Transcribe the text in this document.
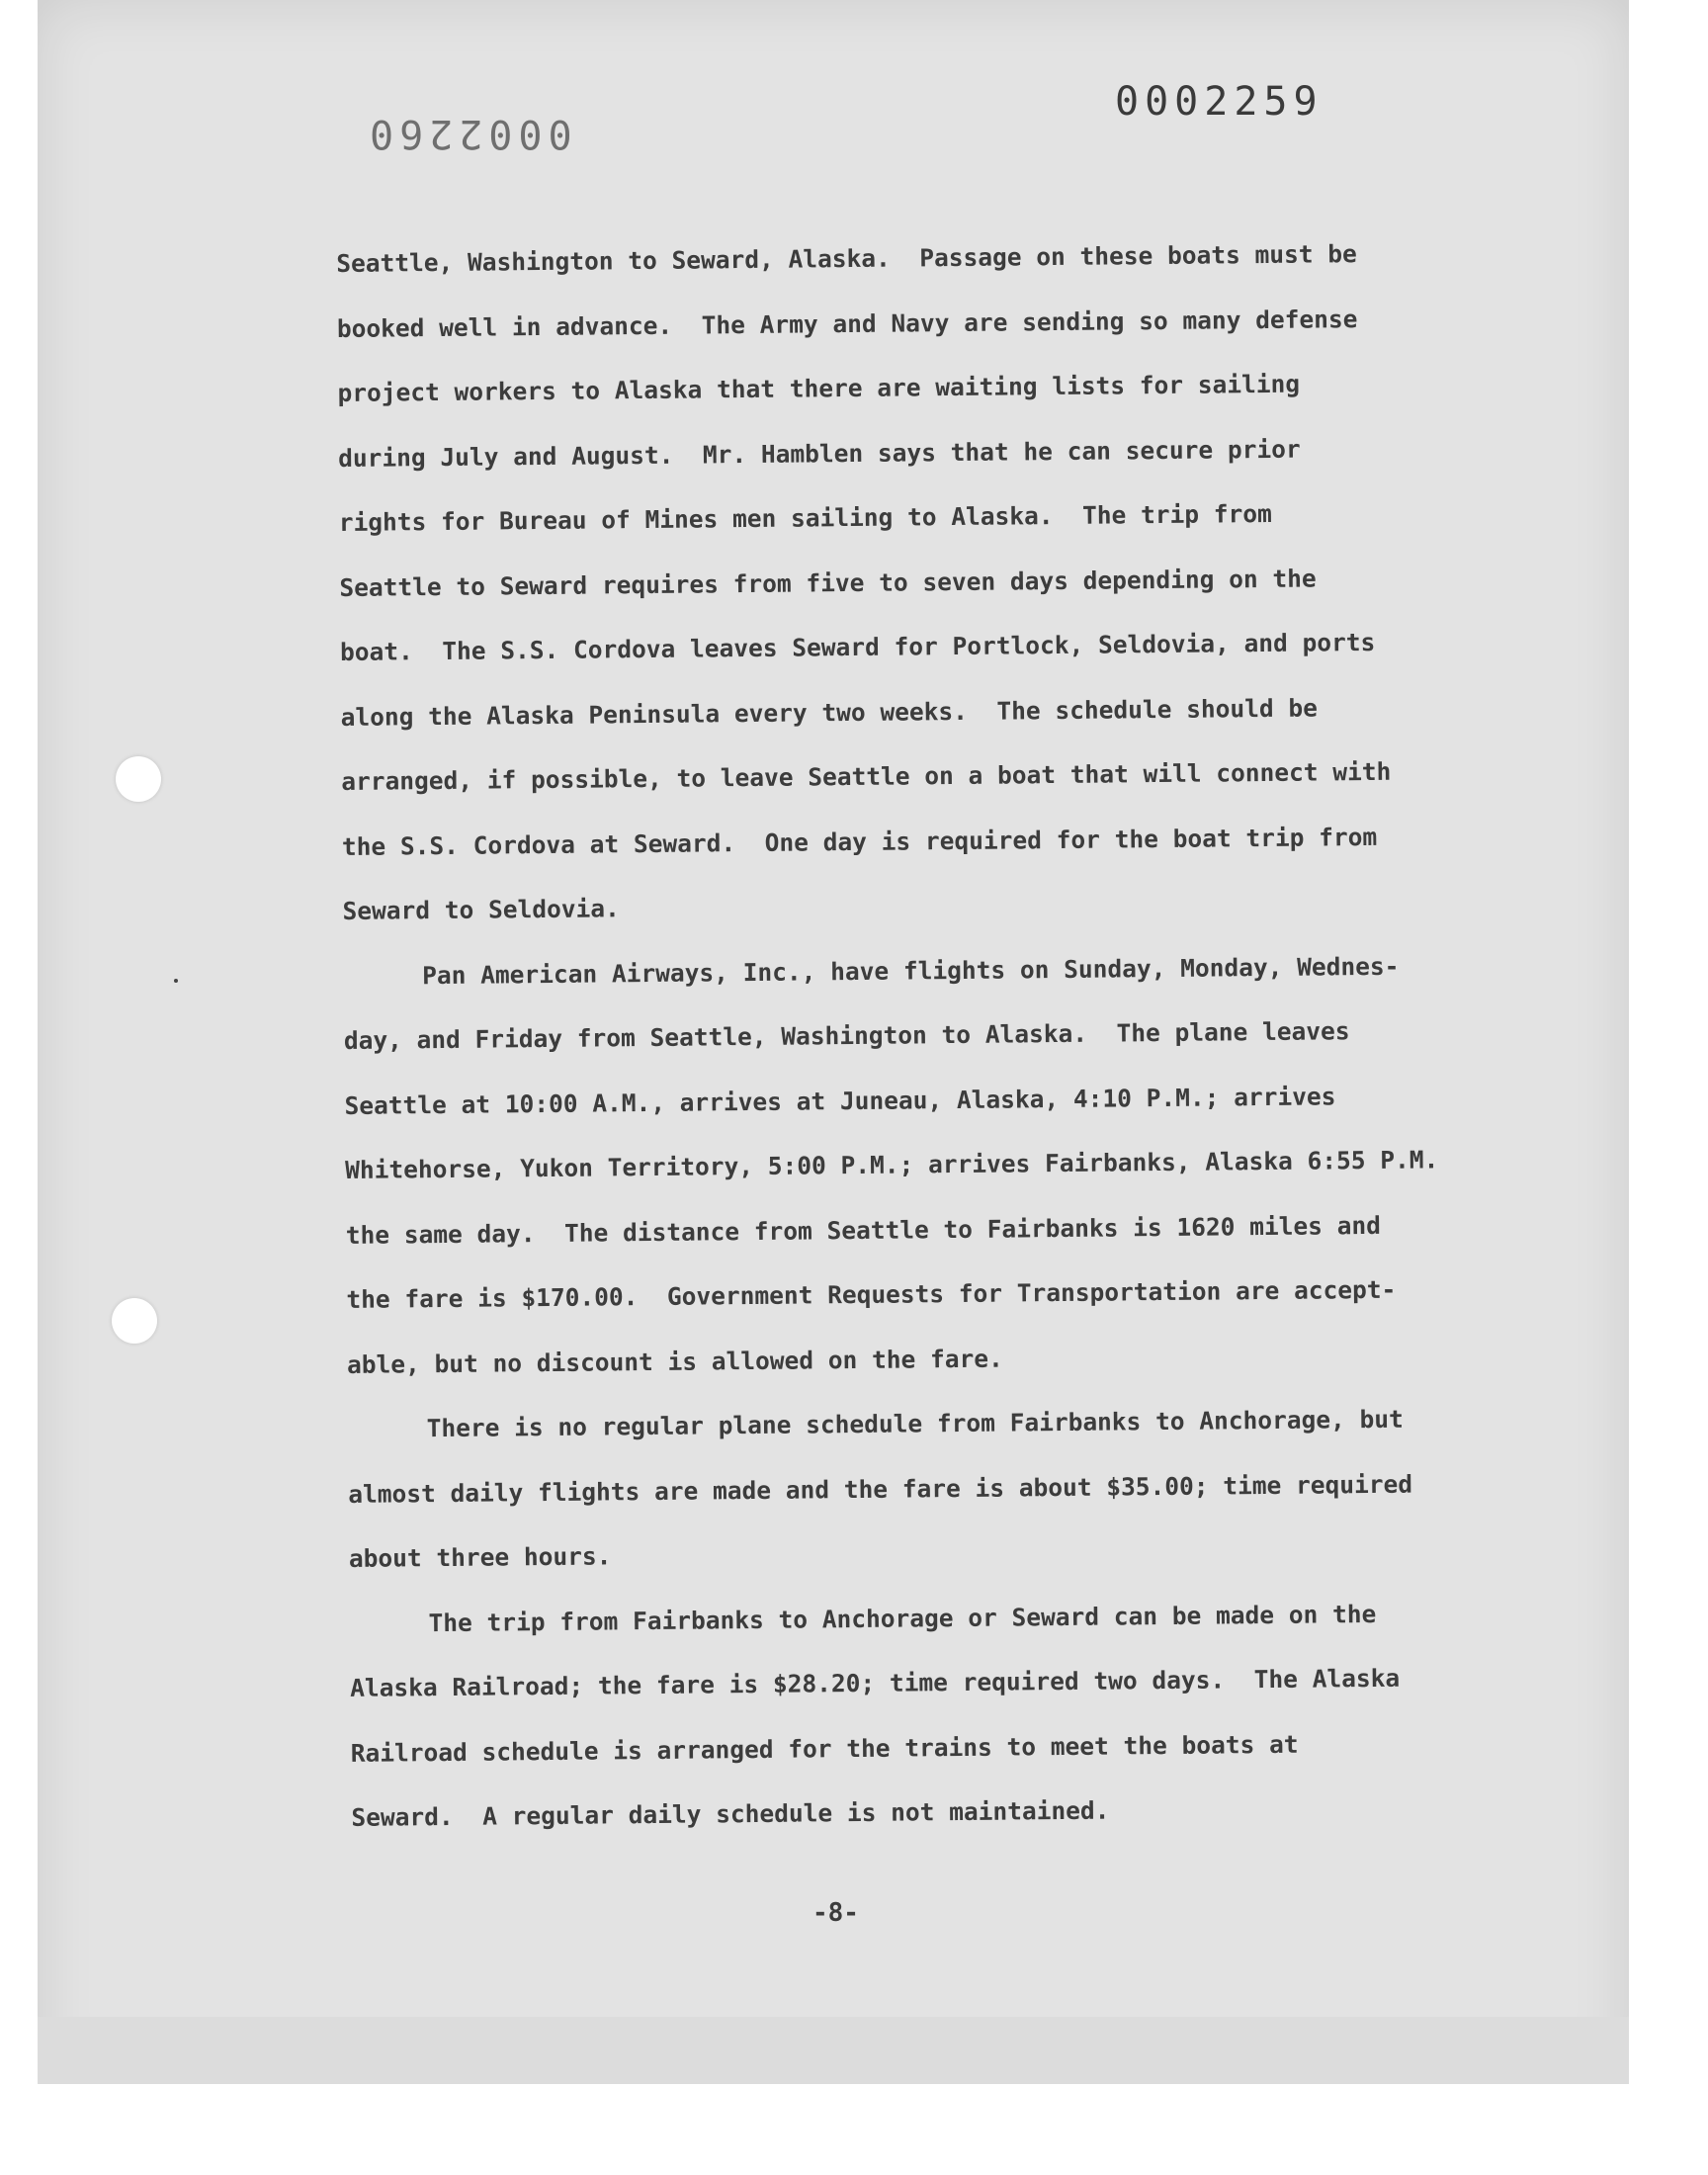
0002259
0002260
Seattle, Washington to Seward, Alaska.  Passage on these boats must be
booked well in advance.  The Army and Navy are sending so many defense
project workers to Alaska that there are waiting lists for sailing
during July and August.  Mr. Hamblen says that he can secure prior
rights for Bureau of Mines men sailing to Alaska.  The trip from
Seattle to Seward requires from five to seven days depending on the
boat.  The S.S. Cordova leaves Seward for Portlock, Seldovia, and ports
along the Alaska Peninsula every two weeks.  The schedule should be
arranged, if possible, to leave Seattle on a boat that will connect with
the S.S. Cordova at Seward.  One day is required for the boat trip from
Seward to Seldovia.
Pan American Airways, Inc., have flights on Sunday, Monday, Wednes-
day, and Friday from Seattle, Washington to Alaska.  The plane leaves
Seattle at 10:00 A.M., arrives at Juneau, Alaska, 4:10 P.M.; arrives
Whitehorse, Yukon Territory, 5:00 P.M.; arrives Fairbanks, Alaska 6:55 P.M.
the same day.  The distance from Seattle to Fairbanks is 1620 miles and
the fare is $170.00.  Government Requests for Transportation are accept-
able, but no discount is allowed on the fare.
There is no regular plane schedule from Fairbanks to Anchorage, but
almost daily flights are made and the fare is about $35.00; time required
about three hours.
The trip from Fairbanks to Anchorage or Seward can be made on the
Alaska Railroad; the fare is $28.20; time required two days.  The Alaska
Railroad schedule is arranged for the trains to meet the boats at
Seward.  A regular daily schedule is not maintained.
-8-
